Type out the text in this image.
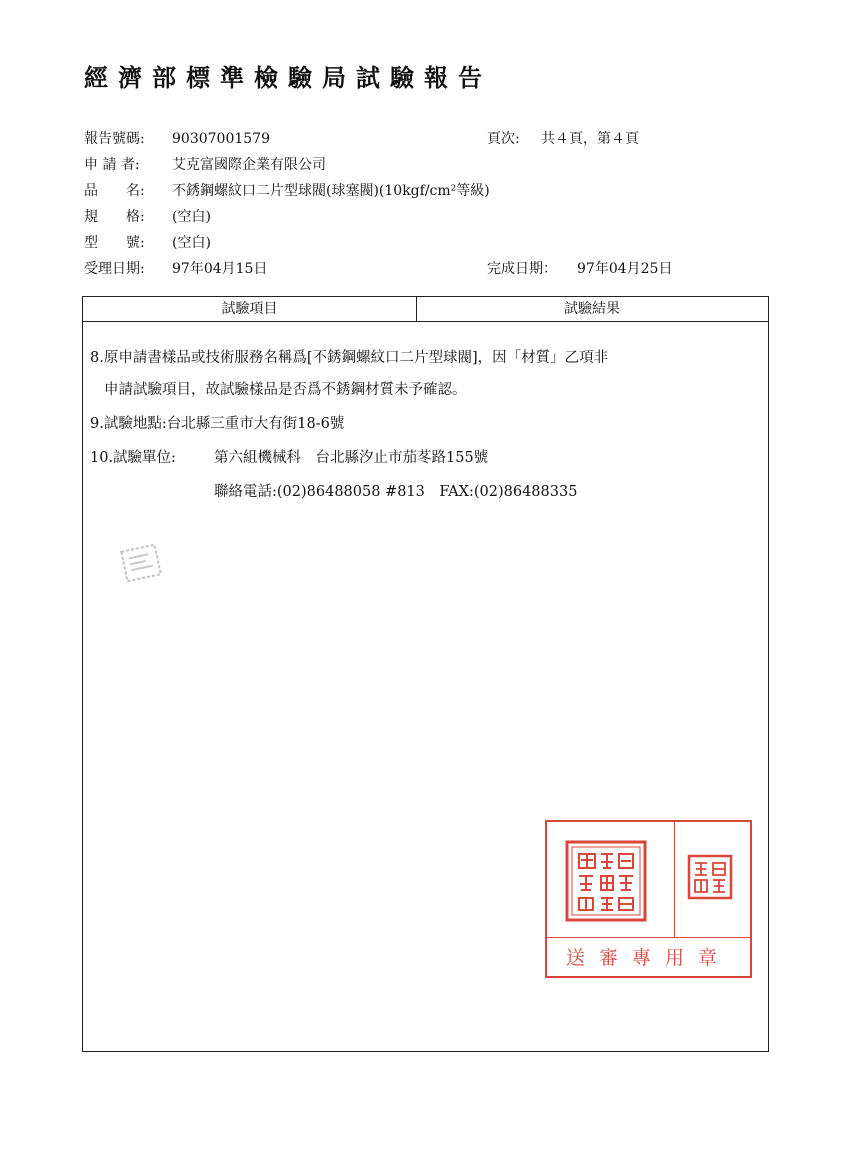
經濟部標準檢驗局試驗報告
報告號碼: 90307001579	頁次: 共４頁，第４頁
申 請 者: 艾克富國際企業有限公司
品　　名: 不銹鋼螺紋口二片型球閥(球塞閥)(10kgf/cm²等級)
規　　格: (空白)
型　　號: (空白)
受理日期: 97年04月15日	完成日期： 97年04月25日
試驗項目	試驗結果
8.原申請書樣品或技術服務名稱爲[不銹鋼螺紋口二片型球閥]，因「材質」乙項非
申請試驗項目，故試驗樣品是否爲不銹鋼材質未予確認。
9.試驗地點:台北縣三重市大有街18-6號
10.試驗單位:	第六組機械科　台北縣汐止市茄苳路155號
聯絡電話:(02)86488058 #813　FAX:(02)86488335
送審專用章
